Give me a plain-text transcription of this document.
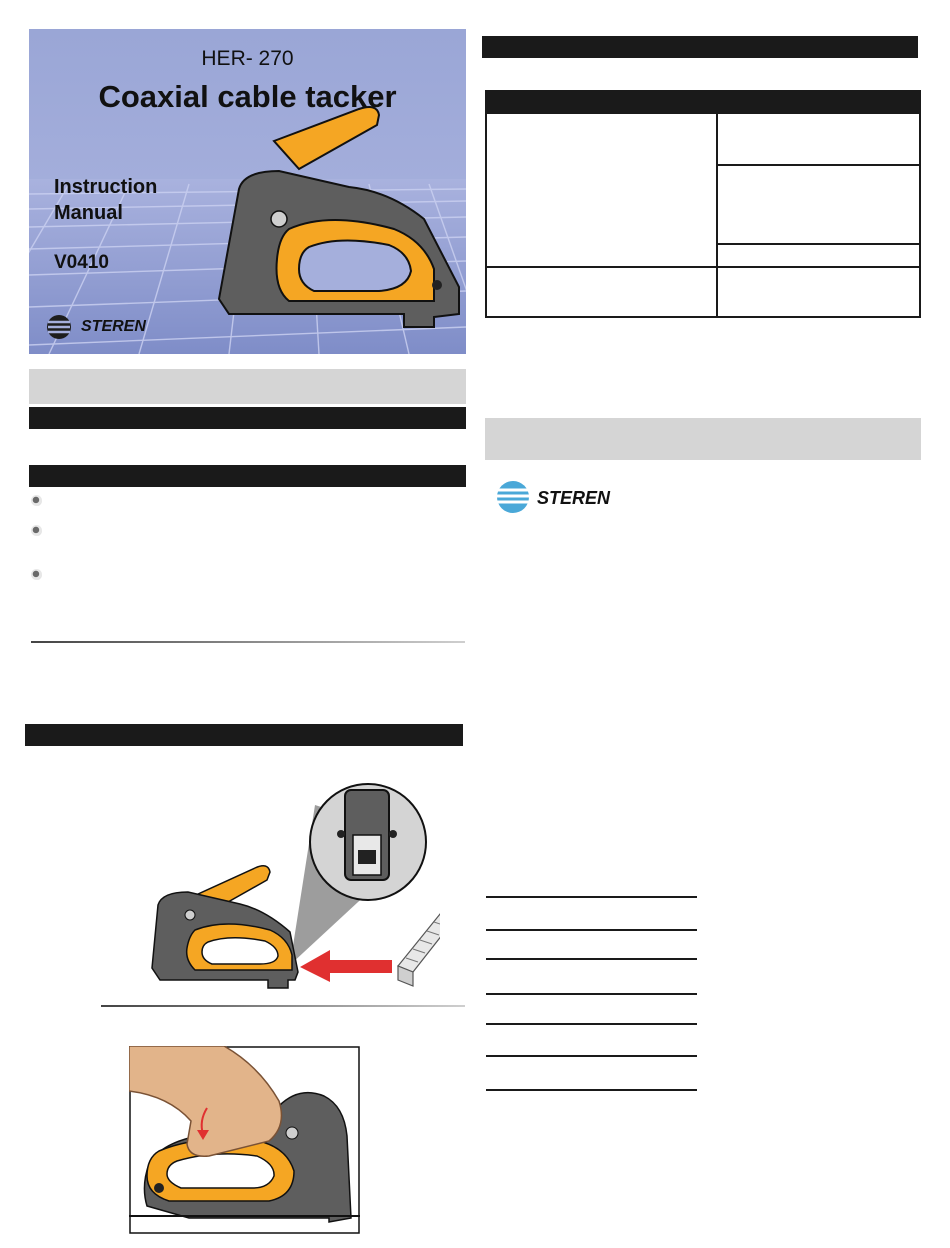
HER- 270
Coaxial cable tacker
Instruction
Manual
V0410
STEREN
STEREN
